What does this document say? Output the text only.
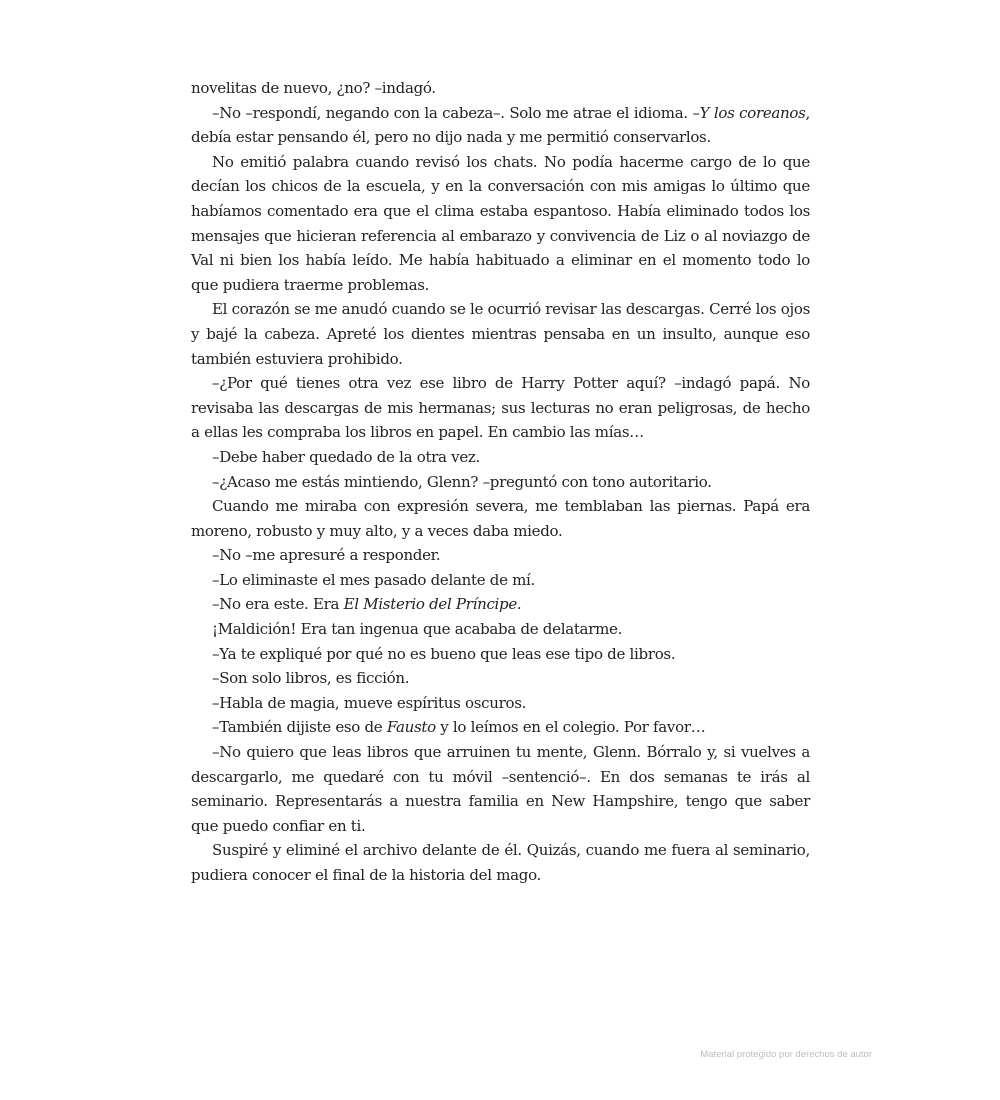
novelitas de nuevo, ¿no? –indagó.

–No –respondí, negando con la cabeza–. Solo me atrae el idioma. –Y los coreanos, debía estar pensando él, pero no dijo nada y me permitió conservarlos.

No emitió palabra cuando revisó los chats. No podía hacerme cargo de lo que decían los chicos de la escuela, y en la conversación con mis amigas lo último que habíamos comentado era que el clima estaba espantoso. Había eliminado todos los mensajes que hicieran referencia al embarazo y convivencia de Liz o al noviazgo de Val ni bien los había leído. Me había habituado a eliminar en el momento todo lo que pudiera traerme problemas.

El corazón se me anudó cuando se le ocurrió revisar las descargas. Cerré los ojos y bajé la cabeza. Apreté los dientes mientras pensaba en un insulto, aunque eso también estuviera prohibido.

–¿Por qué tienes otra vez ese libro de Harry Potter aquí? –indagó papá. No revisaba las descargas de mis hermanas; sus lecturas no eran peligrosas, de hecho a ellas les compraba los libros en papel. En cambio las mías…

–Debe haber quedado de la otra vez.

–¿Acaso me estás mintiendo, Glenn? –preguntó con tono autoritario.

Cuando me miraba con expresión severa, me temblaban las piernas. Papá era moreno, robusto y muy alto, y a veces daba miedo.

–No –me apresuré a responder.

–Lo eliminaste el mes pasado delante de mí.

–No era este. Era El Misterio del Príncipe.

¡Maldición! Era tan ingenua que acababa de delatarme.

–Ya te expliqué por qué no es bueno que leas ese tipo de libros.

–Son solo libros, es ficción.

–Habla de magia, mueve espíritus oscuros.

–También dijiste eso de Fausto y lo leímos en el colegio. Por favor…

–No quiero que leas libros que arruinen tu mente, Glenn. Bórralo y, si vuelves a descargarlo, me quedaré con tu móvil –sentenció–. En dos semanas te irás al seminario. Representarás a nuestra familia en New Hampshire, tengo que saber que puedo confiar en ti.

Suspiré y eliminé el archivo delante de él. Quizás, cuando me fuera al seminario, pudiera conocer el final de la historia del mago.

Material protegido por derechos de autor
